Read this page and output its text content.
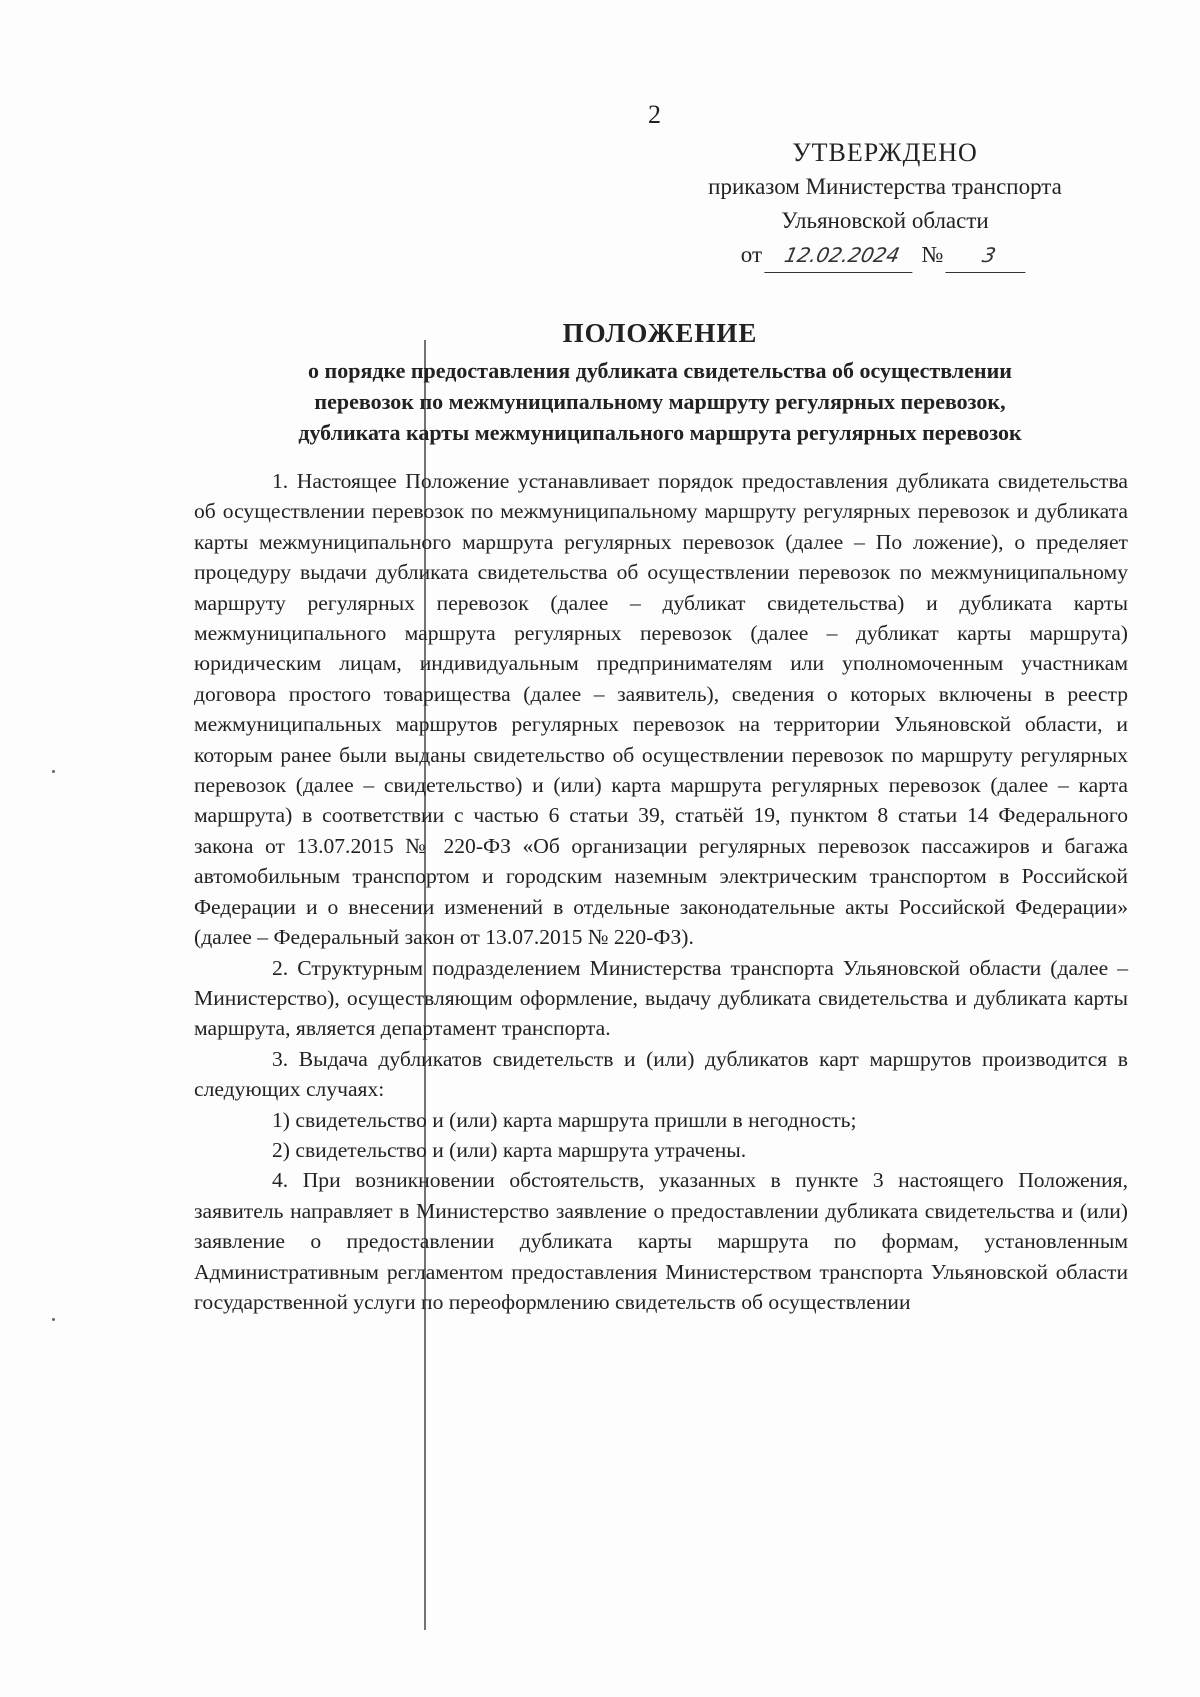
2
УТВЕРЖДЕНО
приказом Министерства транспорта
Ульяновской области
от 12.02.2024 № 3
ПОЛОЖЕНИЕ
о порядке предоставления дубликата свидетельства об осуществлении
перевозок по межмуниципальному маршруту регулярных перевозок,
дубликата карты межмуниципального маршрута регулярных перевозок

1. Настоящее Положение устанавливает порядок предоставления дубликата свидетельства об осуществлении перевозок по межмуниципальному маршруту регулярных перевозок и дубликата карты межмуниципального маршрута регулярных перевозок (далее – По ложение), о пределяет процедуру выдачи дубликата свидетельства об осуществлении перевозок по межмуниципальному маршруту регулярных перевозок (далее – дубликат свидетельства) и дубликата карты межмуниципального маршрута регулярных перевозок (далее – дубликат карты маршрута) юридическим лицам, индивидуальным предпринимателям или уполномоченным участникам договора простого товарищества (далее – заявитель), сведения о которых включены в реестр межмуниципальных маршрутов регулярных перевозок на территории Ульяновской области, и которым ранее были выданы свидетельство об осуществлении перевозок по маршруту регулярных перевозок (далее – свидетельство) и (или) карта маршрута регулярных перевозок (далее – карта маршрута) в соответствии с частью 6 статьи 39, статьёй 19, пунктом 8 статьи 14 Федерального закона от 13.07.2015 № 220-ФЗ «Об организации регулярных перевозок пассажиров и багажа автомобильным транспортом и городским наземным электрическим транспортом в Российской Федерации и о внесении изменений в отдельные законодательные акты Российской Федерации» (далее – Федеральный закон от 13.07.2015 № 220-ФЗ).

2. Структурным подразделением Министерства транспорта Ульяновской области (далее – Министерство), осуществляющим оформление, выдачу дубликата свидетельства и дубликата карты маршрута, является департамент транспорта.

3. Выдача дубликатов свидетельств и (или) дубликатов карт маршрутов производится в следующих случаях:

1) свидетельство и (или) карта маршрута пришли в негодность;

2) свидетельство и (или) карта маршрута утрачены.

4. При возникновении обстоятельств, указанных в пункте 3 настоящего Положения, заявитель направляет в Министерство заявление о предоставлении дубликата свидетельства и (или) заявление о предоставлении дубликата карты маршрута по формам, установленным Административным регламентом предоставления Министерством транспорта Ульяновской области государственной услуги по переоформлению свидетельств об осуществлении
